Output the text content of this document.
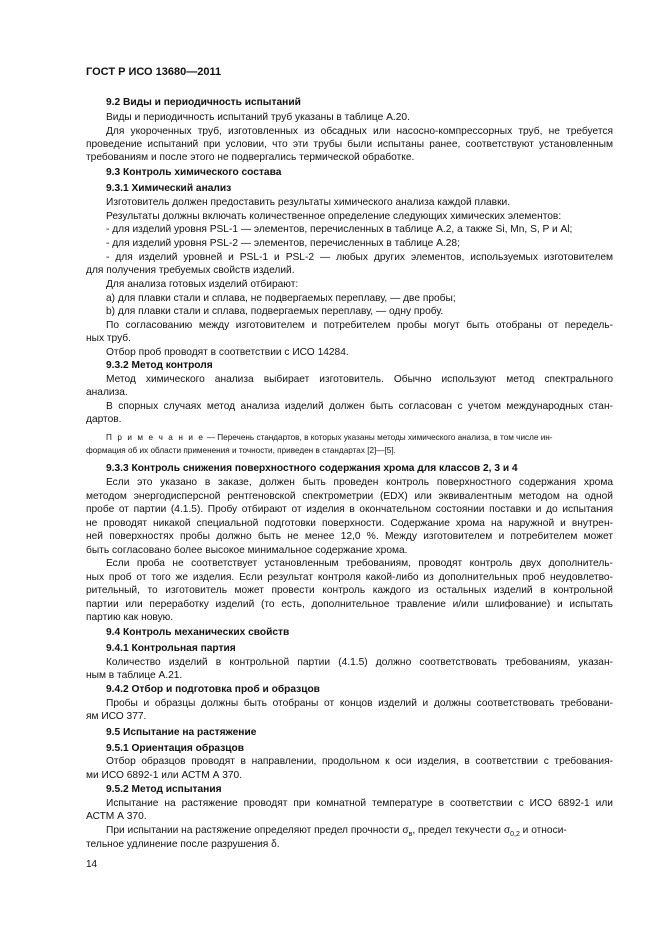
ГОСТ Р ИСО 13680—2011
9.2 Виды и периодичность испытаний
Виды и периодичность испытаний труб указаны в таблице А.20.
Для укороченных труб, изготовленных из обсадных или насосно-компрессорных труб, не требуется
проведение испытаний при условии, что эти трубы были испытаны ранее, соответствуют установленным
требованиям и после этого не подвергались термической обработке.
9.3 Контроль химического состава
9.3.1 Химический анализ
Изготовитель должен предоставить результаты химического анализа каждой плавки.
Результаты должны включать количественное определение следующих химических элементов:
- для изделий уровня PSL-1 — элементов, перечисленных в таблице А.2, а также Si, Mn, S, P и Al;
- для изделий уровня PSL-2 — элементов, перечисленных в таблице А.28;
- для изделий уровней и PSL-1 и PSL-2 — любых других элементов, используемых изготовителем
для получения требуемых свойств изделий.
Для анализа готовых изделий отбирают:
a) для плавки стали и сплава, не подвергаемых переплаву, — две пробы;
b) для плавки стали и сплава, подвергаемых переплаву, — одну пробу.
По согласованию между изготовителем и потребителем пробы могут быть отобраны от передель-
ных труб.
Отбор проб проводят в соответствии с ИСО 14284.
9.3.2 Метод контроля
Метод химического анализа выбирает изготовитель. Обычно используют метод спектрального
анализа.
В спорных случаях метод анализа изделий должен быть согласован с учетом международных стан-
дартов.
П р и м е ч а н и е — Перечень стандартов, в которых указаны методы химического анализа, в том числе ин-
формация об их области применения и точности, приведен в стандартах [2]—[5].
9.3.3 Контроль снижения поверхностного содержания хрома для классов 2, 3 и 4
Если это указано в заказе, должен быть проведен контроль поверхностного содержания хрома
методом энергодисперсной рентгеновской спектрометрии (EDX) или эквивалентным методом на одной
пробе от партии (4.1.5). Пробу отбирают от изделия в окончательном состоянии поставки и до испытания
не проводят никакой специальной подготовки поверхности. Содержание хрома на наружной и внутрен-
ней поверхностях пробы должно быть не менее 12,0 %. Между изготовителем и потребителем может
быть согласовано более высокое минимальное содержание хрома.
Если проба не соответствует установленным требованиям, проводят контроль двух дополнитель-
ных проб от того же изделия. Если результат контроля какой-либо из дополнительных проб неудовлетво-
рительный, то изготовитель может провести контроль каждого из остальных изделий в контрольной
партии или переработку изделий (то есть, дополнительное травление и/или шлифование) и испытать
партию как новую.
9.4 Контроль механических свойств
9.4.1 Контрольная партия
Количество изделий в контрольной партии (4.1.5) должно соответствовать требованиям, указан-
ным в таблице А.21.
9.4.2 Отбор и подготовка проб и образцов
Пробы и образцы должны быть отобраны от концов изделий и должны соответствовать требовани-
ям ИСО 377.
9.5 Испытание на растяжение
9.5.1 Ориентация образцов
Отбор образцов проводят в направлении, продольном к оси изделия, в соответствии с требования-
ми ИСО 6892-1 или АСТМ А 370.
9.5.2 Метод испытания
Испытание на растяжение проводят при комнатной температуре в соответствии с ИСО 6892-1 или
АСТМ А 370.
При испытании на растяжение определяют предел прочности $\sigma_в$, предел текучести $\sigma_{0,2}$ и относи-
тельное удлинение после разрушения δ.
14
